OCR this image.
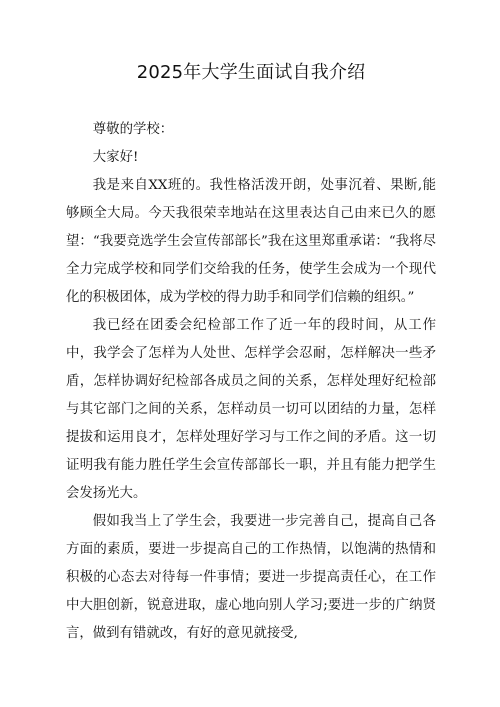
2025年大学生面试自我介绍

尊敬的学校：

大家好!

我是来自XX班的。我性格活泼开朗，处事沉着、果断,能够顾全大局。今天我很荣幸地站在这里表达自己由来已久的愿望：“我要竞选学生会宣传部部长”我在这里郑重承诺：“我将尽全力完成学校和同学们交给我的任务，使学生会成为一个现代化的积极团体，成为学校的得力助手和同学们信赖的组织。”

我已经在团委会纪检部工作了近一年的段时间，从工作中，我学会了怎样为人处世、怎样学会忍耐，怎样解决一些矛盾，怎样协调好纪检部各成员之间的关系，怎样处理好纪检部与其它部门之间的关系，怎样动员一切可以团结的力量，怎样提拔和运用良才，怎样处理好学习与工作之间的矛盾。这一切证明我有能力胜任学生会宣传部部长一职，并且有能力把学生会发扬光大。

假如我当上了学生会，我要进一步完善自己，提高自己各方面的素质，要进一步提高自己的工作热情，以饱满的热情和积极的心态去对待每一件事情；要进一步提高责任心，在工作中大胆创新，锐意进取，虚心地向别人学习;要进一步的广纳贤言，做到有错就改，有好的意见就接受,
